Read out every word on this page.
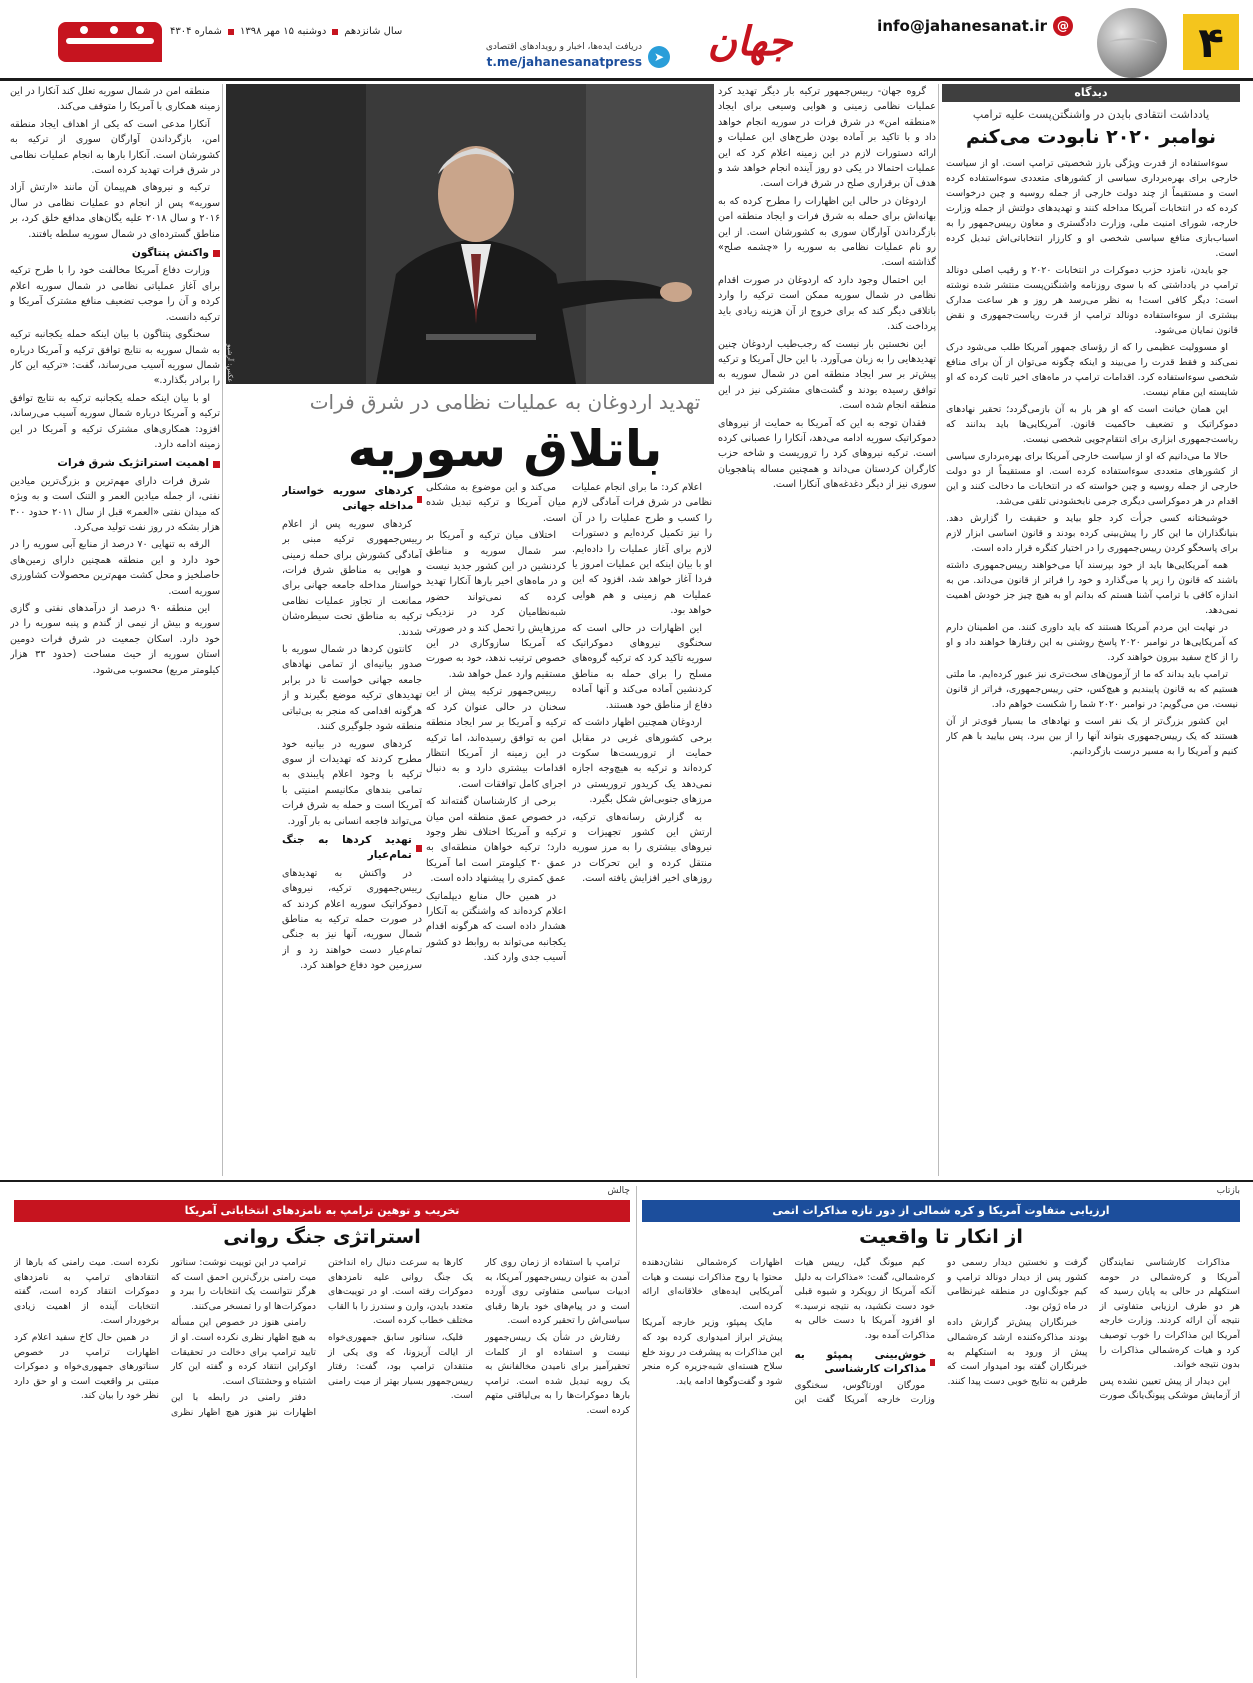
۴
info@jahanesanat.ir @
جهان
➤
دریافت ایده‌ها، اخبار و رویدادهای اقتصادی
t.me/jahanesanatpress
سال شانزدهم
دوشنبه ۱۵ مهر ۱۳۹۸
شماره ۴۳۰۴
دیدگاه
یادداشت انتقادی بایدن در واشنگتن‌پست علیه ترامپ
نوامبر ۲۰۲۰ نابودت می‌کنم

سوءاستفاده از قدرت ویژگی بارز شخصیتی ترامپ است. او از سیاست خارجی برای بهره‌برداری سیاسی از کشورهای متعددی سوءاستفاده کرده است و مستقیماً از چند دولت خارجی از جمله روسیه و چین درخواست کرده که در انتخابات آمریکا مداخله کنند و تهدیدهای دولتش از جمله وزارت خارجه، شورای امنیت ملی، وزارت دادگستری و معاون رییس‌جمهور را به اسباب‌بازی منافع سیاسی شخصی او و کارزار انتخاباتی‌اش تبدیل کرده است.

جو بایدن، نامزد حزب دموکرات در انتخابات ۲۰۲۰ و رقیب اصلی دونالد ترامپ در یادداشتی که با سوی روزنامه واشنگتن‌پست منتشر شده نوشته است: دیگر کافی است! به نظر می‌رسد هر روز و هر ساعت مدارک بیشتری از سوءاستفاده دونالد ترامپ از قدرت ریاست‌جمهوری و نقض قانون نمایان می‌شود.

او مسوولیت عظیمی را که از رؤسای جمهور آمریکا طلب می‌شود درک نمی‌کند و فقط قدرت را می‌بیند و اینکه چگونه می‌توان از آن برای منافع شخصی سوءاستفاده کرد. اقدامات ترامپ در ماه‌های اخیر ثابت کرده که او شایسته این مقام نیست.

این همان خیانت است که او هر بار به آن بازمی‌گردد؛ تحقیر نهادهای دموکراتیک و تضعیف حاکمیت قانون. آمریکایی‌ها باید بدانند که ریاست‌جمهوری ابزاری برای انتقام‌جویی شخصی نیست.

حالا ما می‌دانیم که او از سیاست خارجی آمریکا برای بهره‌برداری سیاسی از کشورهای متعددی سوءاستفاده کرده است. او مستقیماً از دو دولت خارجی از جمله روسیه و چین خواسته که در انتخابات ما دخالت کنند و این اقدام در هر دموکراسی دیگری جرمی نابخشودنی تلقی می‌شد.

خوشبختانه کسی جرأت کرد جلو بیاید و حقیقت را گزارش دهد. بنیانگذاران ما این کار را پیش‌بینی کرده بودند و قانون اساسی ابزار لازم برای پاسخگو کردن رییس‌جمهوری را در اختیار کنگره قرار داده است.

همه آمریکایی‌ها باید از خود بپرسند آیا می‌خواهند رییس‌جمهوری داشته باشند که قانون را زیر پا می‌گذارد و خود را فراتر از قانون می‌داند. من به اندازه کافی با ترامپ آشنا هستم که بدانم او به هیچ چیز جز خودش اهمیت نمی‌دهد.

در نهایت این مردم آمریکا هستند که باید داوری کنند. من اطمینان دارم که آمریکایی‌ها در نوامبر ۲۰۲۰ پاسخ روشنی به این رفتارها خواهند داد و او را از کاخ سفید بیرون خواهند کرد.

ترامپ باید بداند که ما از آزمون‌های سخت‌تری نیز عبور کرده‌ایم. ما ملتی هستیم که به قانون پایبندیم و هیچ‌کس، حتی رییس‌جمهوری، فراتر از قانون نیست. من می‌گویم: در نوامبر ۲۰۲۰ شما را شکست خواهم داد.

این کشور بزرگ‌تر از یک نفر است و نهادهای ما بسیار قوی‌تر از آن هستند که یک رییس‌جمهوری بتواند آنها را از بین ببرد. پس بیایید با هم کار کنیم و آمریکا را به مسیر درست بازگردانیم.

گروه جهان- رییس‌جمهور ترکیه بار دیگر تهدید کرد عملیات نظامی زمینی و هوایی وسیعی برای ایجاد «منطقه امن» در شرق فرات در سوریه انجام خواهد داد و با تاکید بر آماده بودن طرح‌های این عملیات و ارائه دستورات لازم در این زمینه اعلام کرد که این عملیات احتمالا در یکی دو روز آینده انجام خواهد شد و هدف آن برقراری صلح در شرق فرات است.

اردوغان در حالی این اظهارات را مطرح کرده که به بهانه‌اش برای حمله به شرق فرات و ایجاد منطقه امن بازگرداندن آوارگان سوری به کشورشان است. از این رو نام عملیات نظامی به سوریه را «چشمه صلح» گذاشته است.

این احتمال وجود دارد که اردوغان در صورت اقدام نظامی در شمال سوریه ممکن است ترکیه را وارد باتلاقی دیگر کند که برای خروج از آن هزینه زیادی باید پرداخت کند.

این نخستین بار نیست که رجب‌طیب اردوغان چنین تهدیدهایی را به زبان می‌آورد. با این حال آمریکا و ترکیه پیش‌تر بر سر ایجاد منطقه امن در شمال سوریه به توافق رسیده بودند و گشت‌های مشترکی نیز در این منطقه انجام شده است.

فقدان توجه به این که آمریکا به حمایت از نیروهای دموکراتیک سوریه ادامه می‌دهد، آنکارا را عصبانی کرده است. ترکیه نیروهای کرد را تروریست و شاخه حزب کارگران کردستان می‌داند و همچنین مساله پناهجویان سوری نیز از دیگر دغدغه‌های آنکارا است.

عکس: آرشیو
تهدید اردوغان به عملیات نظامی در شرق فرات
باتلاق سوریه

اعلام کرد: ما برای انجام عملیات نظامی در شرق فرات آمادگی لازم را کسب و طرح عملیات را در آن را نیز تکمیل کرده‌ایم و دستورات لازم برای آغاز عملیات را داده‌ایم. او با بیان اینکه این عملیات امروز یا فردا آغاز خواهد شد، افزود که این عملیات هم زمینی و هم هوایی خواهد بود.

این اظهارات در حالی است که سخنگوی نیروهای دموکراتیک سوریه تاکید کرد که ترکیه گروه‌های مسلح را برای حمله به مناطق کردنشین آماده می‌کند و آنها آماده دفاع از مناطق خود هستند.

اردوغان همچنین اظهار داشت که برخی کشورهای غربی در مقابل حمایت از تروریست‌ها سکوت کرده‌اند و ترکیه به هیچ‌وجه اجازه نمی‌دهد یک کریدور تروریستی در مرزهای جنوبی‌اش شکل بگیرد.

به گزارش رسانه‌های ترکیه، ارتش این کشور تجهیزات و نیروهای بیشتری را به مرز سوریه منتقل کرده و این تحرکات در روزهای اخیر افزایش یافته است.

می‌کند و این موضوع به مشکلی میان آمریکا و ترکیه تبدیل شده است.

اختلاف میان ترکیه و آمریکا بر سر شمال سوریه و مناطق کردنشین در این کشور جدید نیست و در ماه‌های اخیر بارها آنکارا تهدید کرده که نمی‌تواند حضور شبه‌نظامیان کرد در نزدیکی مرزهایش را تحمل کند و در صورتی که آمریکا سازوکاری در این خصوص ترتیب ندهد، خود به صورت مستقیم وارد عمل خواهد شد.

رییس‌جمهور ترکیه پیش از این سخنان در حالی عنوان کرد که ترکیه و آمریکا بر سر ایجاد منطقه امن به توافق رسیده‌اند، اما ترکیه در این زمینه از آمریکا انتظار اقدامات بیشتری دارد و به دنبال اجرای کامل توافقات است.

برخی از کارشناسان گفته‌اند که در خصوص عمق منطقه امن میان ترکیه و آمریکا اختلاف نظر وجود دارد؛ ترکیه خواهان منطقه‌ای به عمق ۳۰ کیلومتر است اما آمریکا عمق کمتری را پیشنهاد داده است.

در همین حال منابع دیپلماتیک اعلام کرده‌اند که واشنگتن به آنکارا هشدار داده است که هرگونه اقدام یکجانبه می‌تواند به روابط دو کشور آسیب جدی وارد کند.

کردهای سوریه خواستار مداخله جهانی

کردهای سوریه پس از اعلام رییس‌جمهوری ترکیه مبنی بر آمادگی کشورش برای حمله زمینی و هوایی به مناطق شرق فرات، خواستار مداخله جامعه جهانی برای ممانعت از تجاوز عملیات نظامی ترکیه به مناطق تحت سیطره‌شان شدند.

کانتون کردها در شمال سوریه با صدور بیانیه‌ای از تمامی نهادهای جامعه جهانی خواست تا در برابر تهدیدهای ترکیه موضع بگیرند و از هرگونه اقدامی که منجر به بی‌ثباتی منطقه شود جلوگیری کنند.

کردهای سوریه در بیانیه خود مطرح کردند که تهدیدات از سوی ترکیه با وجود اعلام پایبندی به تمامی بندهای مکانیسم امنیتی با آمریکا است و حمله به شرق فرات می‌تواند فاجعه انسانی به بار آورد.

تهدید کردها به جنگ تمام‌عیار

در واکنش به تهدیدهای رییس‌جمهوری ترکیه، نیروهای دموکراتیک سوریه اعلام کردند که در صورت حمله ترکیه به مناطق شمال سوریه، آنها نیز به جنگی تمام‌عیار دست خواهند زد و از سرزمین خود دفاع خواهند کرد.

منطقه امن در شمال سوریه تعلل کند آنکارا در این زمینه همکاری با آمریکا را متوقف می‌کند.

آنکارا مدعی است که یکی از اهداف ایجاد منطقه امن، بازگرداندن آوارگان سوری از ترکیه به کشورشان است. آنکارا بارها به انجام عملیات نظامی در شرق فرات تهدید کرده است.

ترکیه و نیروهای هم‌پیمان آن مانند «ارتش آزاد سوریه» پس از انجام دو عملیات نظامی در سال ۲۰۱۶ و سال ۲۰۱۸ علیه یگان‌های مدافع خلق کرد، بر مناطق گسترده‌ای در شمال سوریه سلطه یافتند.

واکنش پنتاگون

وزارت دفاع آمریکا مخالفت خود را با طرح ترکیه برای آغاز عملیاتی نظامی در شمال سوریه اعلام کرده و آن را موجب تضعیف منافع مشترک آمریکا و ترکیه دانست.

سخنگوی پنتاگون با بیان اینکه حمله یکجانبه ترکیه به شمال سوریه به نتایج توافق ترکیه و آمریکا درباره شمال سوریه آسیب می‌رساند، گفت: «ترکیه این کار را برادر بگذارد.»

او با بیان اینکه حمله یکجانبه ترکیه به نتایج توافق ترکیه و آمریکا درباره شمال سوریه آسیب می‌رساند، افزود: همکاری‌های مشترک ترکیه و آمریکا در این زمینه ادامه دارد.

اهمیت استراتژیک شرق فرات

شرق فرات دارای مهم‌ترین و بزرگ‌ترین میادین نفتی، از جمله میادین العمر و التنک است و به ویژه که میدان نفتی «العمر» قبل از سال ۲۰۱۱ حدود ۳۰۰ هزار بشکه در روز نفت تولید می‌کرد.

الرقه به تنهایی ۷۰ درصد از منابع آبی سوریه را در خود دارد و این منطقه همچنین دارای زمین‌های حاصلخیز و محل کشت مهم‌ترین محصولات کشاورزی سوریه است.

این منطقه ۹۰ درصد از درآمدهای نفتی و گازی سوریه و بیش از نیمی از گندم و پنبه سوریه را در خود دارد. اسکان جمعیت در شرق فرات دومین استان سوریه از حیث مساحت (حدود ۳۳ هزار کیلومتر مربع) محسوب می‌شود.

بازتاب
ارزیابی متفاوت آمریکا و کره شمالی از دور تازه مذاکرات اتمی
از انکار تا واقعیت

مذاکرات کارشناسی نمایندگان آمریکا و کره‌شمالی در حومه استکهلم در حالی به پایان رسید که هر دو طرف ارزیابی متفاوتی از نتیجه آن ارائه کردند. وزارت خارجه آمریکا این مذاکرات را خوب توصیف کرد و هیات کره‌شمالی مذاکرات را بدون نتیجه خواند.

این دیدار از پیش تعیین نشده پس از آزمایش موشکی پیونگ‌یانگ صورت گرفت و نخستین دیدار رسمی دو کشور پس از دیدار دونالد ترامپ و کیم جونگ‌اون در منطقه غیرنظامی در ماه ژوئن بود.

خبرنگاران پیش‌تر گزارش داده بودند مذاکره‌کننده ارشد کره‌شمالی پیش از ورود به استکهلم به خبرنگاران گفته بود امیدوار است که طرفین به نتایج خوبی دست پیدا کنند.

کیم میونگ گیل، رییس هیات کره‌شمالی، گفت: «مذاکرات به دلیل آنکه آمریکا از رویکرد و شیوه قبلی خود دست نکشید، به نتیجه نرسید.» او افزود آمریکا با دست خالی به مذاکرات آمده بود.

خوش‌بینی پمپئو به مذاکرات کارشناسی

مورگان اورتاگوس، سخنگوی وزارت خارجه آمریکا گفت این اظهارات کره‌شمالی نشان‌دهنده محتوا یا روح مذاکرات نیست و هیات آمریکایی ایده‌های خلاقانه‌ای ارائه کرده است.

مایک پمپئو، وزیر خارجه آمریکا پیش‌تر ابراز امیدواری کرده بود که این مذاکرات به پیشرفت در روند خلع سلاح هسته‌ای شبه‌جزیره کره منجر شود و گفت‌وگوها ادامه یابد.

چالش
تخریب و توهین ترامپ به نامزدهای انتخاباتی آمریکا
استراتژی جنگ روانی

ترامپ با استفاده از زمان روی کار آمدن به عنوان رییس‌جمهور آمریکا، به ادبیات سیاسی متفاوتی روی آورده است و در پیام‌های خود بارها رقبای سیاسی‌اش را تحقیر کرده است.

رفتارش در شأن یک رییس‌جمهور نیست و استفاده او از کلمات تحقیرآمیز برای نامیدن مخالفانش به یک رویه تبدیل شده است. ترامپ بارها دموکرات‌ها را به بی‌لیاقتی متهم کرده است.

کارها به سرعت دنبال راه انداختن یک جنگ روانی علیه نامزدهای دموکرات رفته است. او در توییت‌های متعدد بایدن، وارن و سندرز را با القاب مختلف خطاب کرده است.

فلیک، سناتور سابق جمهوری‌خواه از ایالت آریزونا، که وی یکی از منتقدان ترامپ بود، گفت: رفتار رییس‌جمهور بسیار بهتر از میت رامنی است.

ترامپ در این توییت نوشت: سناتور میت رامنی بزرگ‌ترین احمق است که هرگز نتوانست یک انتخابات را ببرد و دموکرات‌ها او را تمسخر می‌کنند.

رامنی هنوز در خصوص این مسأله به هیچ اظهار نظری نکرده است. او از تایید ترامپ برای دخالت در تحقیقات اوکراین انتقاد کرده و گفته این کار اشتباه و وحشتناک است.

دفتر رامنی در رابطه با این اظهارات نیز هنوز هیچ اظهار نظری نکرده است. میت رامنی که بارها از انتقادهای ترامپ به نامزدهای دموکرات انتقاد کرده است، گفته انتخابات آینده از اهمیت زیادی برخوردار است.

در همین حال کاخ سفید اعلام کرد اظهارات ترامپ در خصوص سناتورهای جمهوری‌خواه و دموکرات مبتنی بر واقعیت است و او حق دارد نظر خود را بیان کند.
